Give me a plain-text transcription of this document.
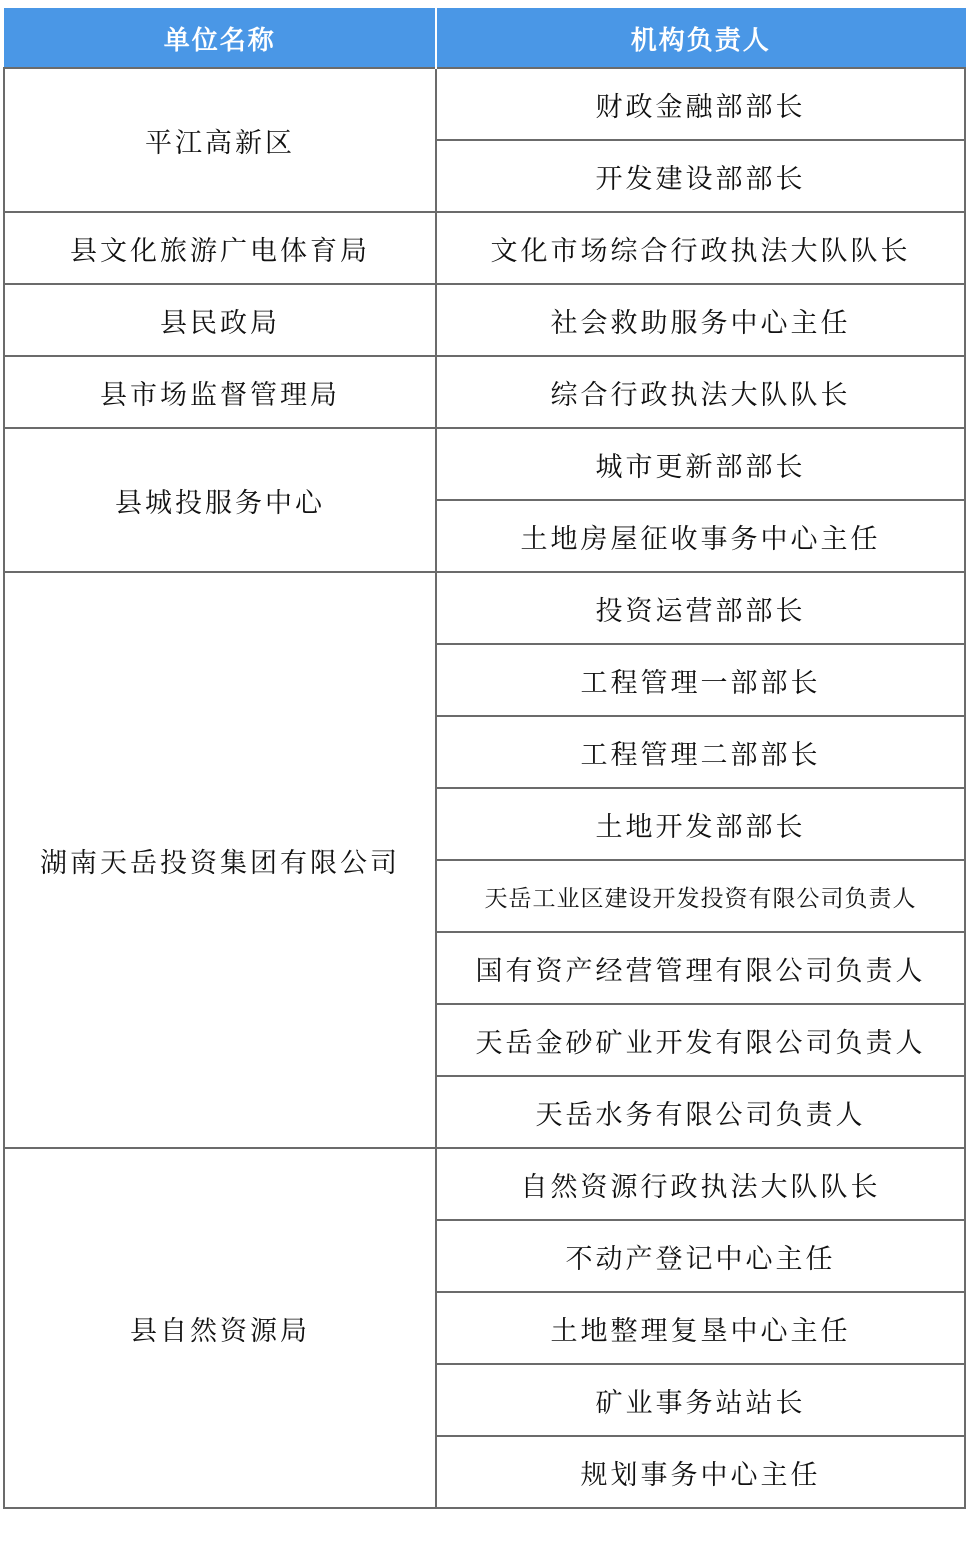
单位名称	机构负责人
平江高新区	财政金融部部长
	开发建设部部长
县文化旅游广电体育局	文化市场综合行政执法大队队长
县民政局	社会救助服务中心主任
县市场监督管理局	综合行政执法大队队长
县城投服务中心	城市更新部部长
	土地房屋征收事务中心主任
湖南天岳投资集团有限公司	投资运营部部长
	工程管理一部部长
	工程管理二部部长
	土地开发部部长
	天岳工业区建设开发投资有限公司负责人
	国有资产经营管理有限公司负责人
	天岳金砂矿业开发有限公司负责人
	天岳水务有限公司负责人
县自然资源局	自然资源行政执法大队队长
	不动产登记中心主任
	土地整理复垦中心主任
	矿业事务站站长
	规划事务中心主任
